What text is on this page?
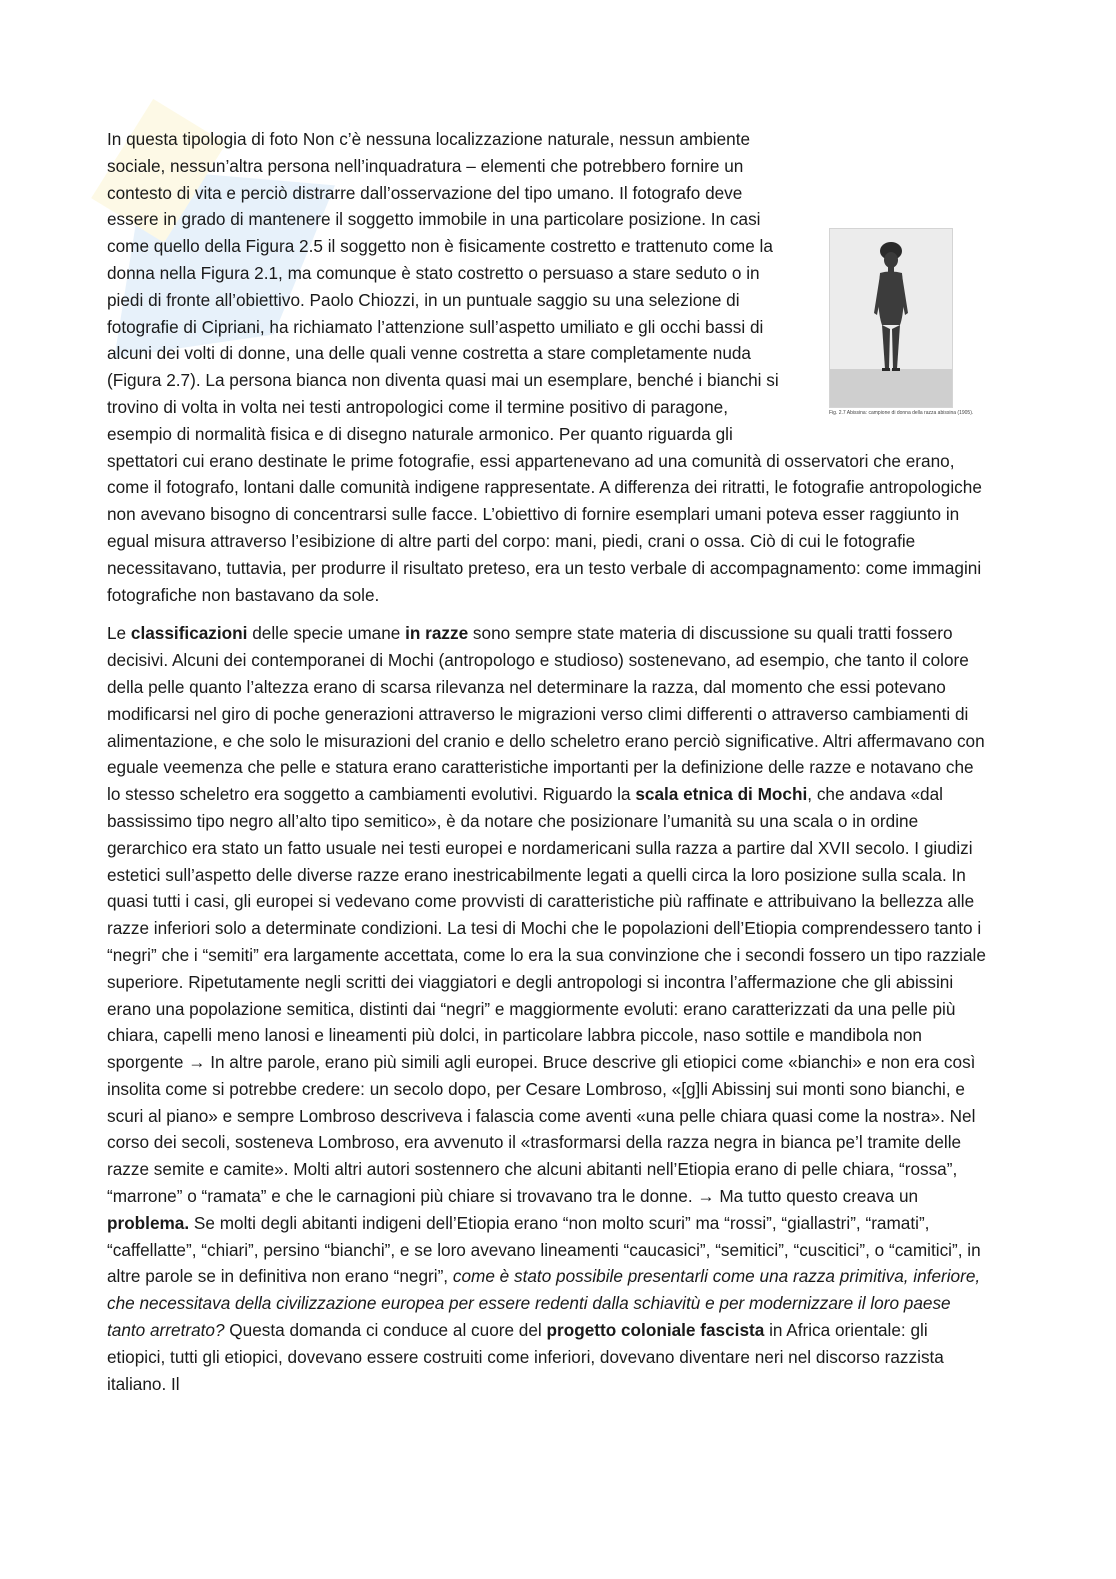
Fig. 2.7 Abissina: campione di donna della razza abissina (1905).

In questa tipologia di foto Non c’è nessuna localizzazione naturale, nessun ambiente sociale, nessun’altra persona nell’inquadratura – elementi che potrebbero fornire un contesto di vita e perciò distrarre dall’osservazione del tipo umano. Il fotografo deve essere in grado di mantenere il soggetto immobile in una particolare posizione. In casi come quello della Figura 2.5 il soggetto non è fisicamente costretto e trattenuto come la donna nella Figura 2.1, ma comunque è stato costretto o persuaso a stare seduto o in piedi di fronte all’obiettivo. Paolo Chiozzi, in un puntuale saggio su una selezione di fotografie di Cipriani, ha richiamato l’attenzione sull’aspetto umiliato e gli occhi bassi di alcuni dei volti di donne, una delle quali venne costretta a stare completamente nuda (Figura 2.7). La persona bianca non diventa quasi mai un esemplare, benché i bianchi si trovino di volta in volta nei testi antropologici come il termine positivo di paragone, esempio di normalità fisica e di disegno naturale armonico. Per quanto riguarda gli spettatori cui erano destinate le prime fotografie, essi appartenevano ad una comunità di osservatori che erano, come il fotografo, lontani dalle comunità indigene rappresentate. A differenza dei ritratti, le fotografie antropologiche non avevano bisogno di concentrarsi sulle facce. L’obiettivo di fornire esemplari umani poteva esser raggiunto in egual misura attraverso l’esibizione di altre parti del corpo: mani, piedi, crani o ossa. Ciò di cui le fotografie necessitavano, tuttavia, per produrre il risultato preteso, era un testo verbale di accompagnamento: come immagini fotografiche non bastavano da sole.

Le classificazioni delle specie umane in razze sono sempre state materia di discussione su quali tratti fossero decisivi. Alcuni dei contemporanei di Mochi (antropologo e studioso) sostenevano, ad esempio, che tanto il colore della pelle quanto l’altezza erano di scarsa rilevanza nel determinare la razza, dal momento che essi potevano modificarsi nel giro di poche generazioni attraverso le migrazioni verso climi differenti o attraverso cambiamenti di alimentazione, e che solo le misurazioni del cranio e dello scheletro erano perciò significative. Altri affermavano con eguale veemenza che pelle e statura erano caratteristiche importanti per la definizione delle razze e notavano che lo stesso scheletro era soggetto a cambiamenti evolutivi. Riguardo la scala etnica di Mochi, che andava «dal bassissimo tipo negro all’alto tipo semitico», è da notare che posizionare l’umanità su una scala o in ordine gerarchico era stato un fatto usuale nei testi europei e nordamericani sulla razza a partire dal XVII secolo. I giudizi estetici sull’aspetto delle diverse razze erano inestricabilmente legati a quelli circa la loro posizione sulla scala. In quasi tutti i casi, gli europei si vedevano come provvisti di caratteristiche più raffinate e attribuivano la bellezza alle razze inferiori solo a determinate condizioni. La tesi di Mochi che le popolazioni dell’Etiopia comprendessero tanto i “negri” che i “semiti” era largamente accettata, come lo era la sua convinzione che i secondi fossero un tipo razziale superiore. Ripetutamente negli scritti dei viaggiatori e degli antropologi si incontra l’affermazione che gli abissini erano una popolazione semitica, distinti dai “negri” e maggiormente evoluti: erano caratterizzati da una pelle più chiara, capelli meno lanosi e lineamenti più dolci, in particolare labbra piccole, naso sottile e mandibola non sporgente → In altre parole, erano più simili agli europei. Bruce descrive gli etiopici come «bianchi» e non era così insolita come si potrebbe credere: un secolo dopo, per Cesare Lombroso, «[g]li Abissinj sui monti sono bianchi, e scuri al piano» e sempre Lombroso descriveva i falascia come aventi «una pelle chiara quasi come la nostra». Nel corso dei secoli, sosteneva Lombroso, era avvenuto il «trasformarsi della razza negra in bianca pe’l tramite delle razze semite e camite». Molti altri autori sostennero che alcuni abitanti nell’Etiopia erano di pelle chiara, “rossa”, “marrone” o “ramata” e che le carnagioni più chiare si trovavano tra le donne. → Ma tutto questo creava un problema. Se molti degli abitanti indigeni dell’Etiopia erano “non molto scuri” ma “rossi”, “giallastri”, “ramati”, “caffellatte”, “chiari”, persino “bianchi”, e se loro avevano lineamenti “caucasici”, “semitici”, “cuscitici”, o “camitici”, in altre parole se in definitiva non erano “negri”, come è stato possibile presentarli come una razza primitiva, inferiore, che necessitava della civilizzazione europea per essere redenti dalla schiavitù e per modernizzare il loro paese tanto arretrato? Questa domanda ci conduce al cuore del progetto coloniale fascista in Africa orientale: gli etiopici, tutti gli etiopici, dovevano essere costruiti come inferiori, dovevano diventare neri nel discorso razzista italiano. Il
